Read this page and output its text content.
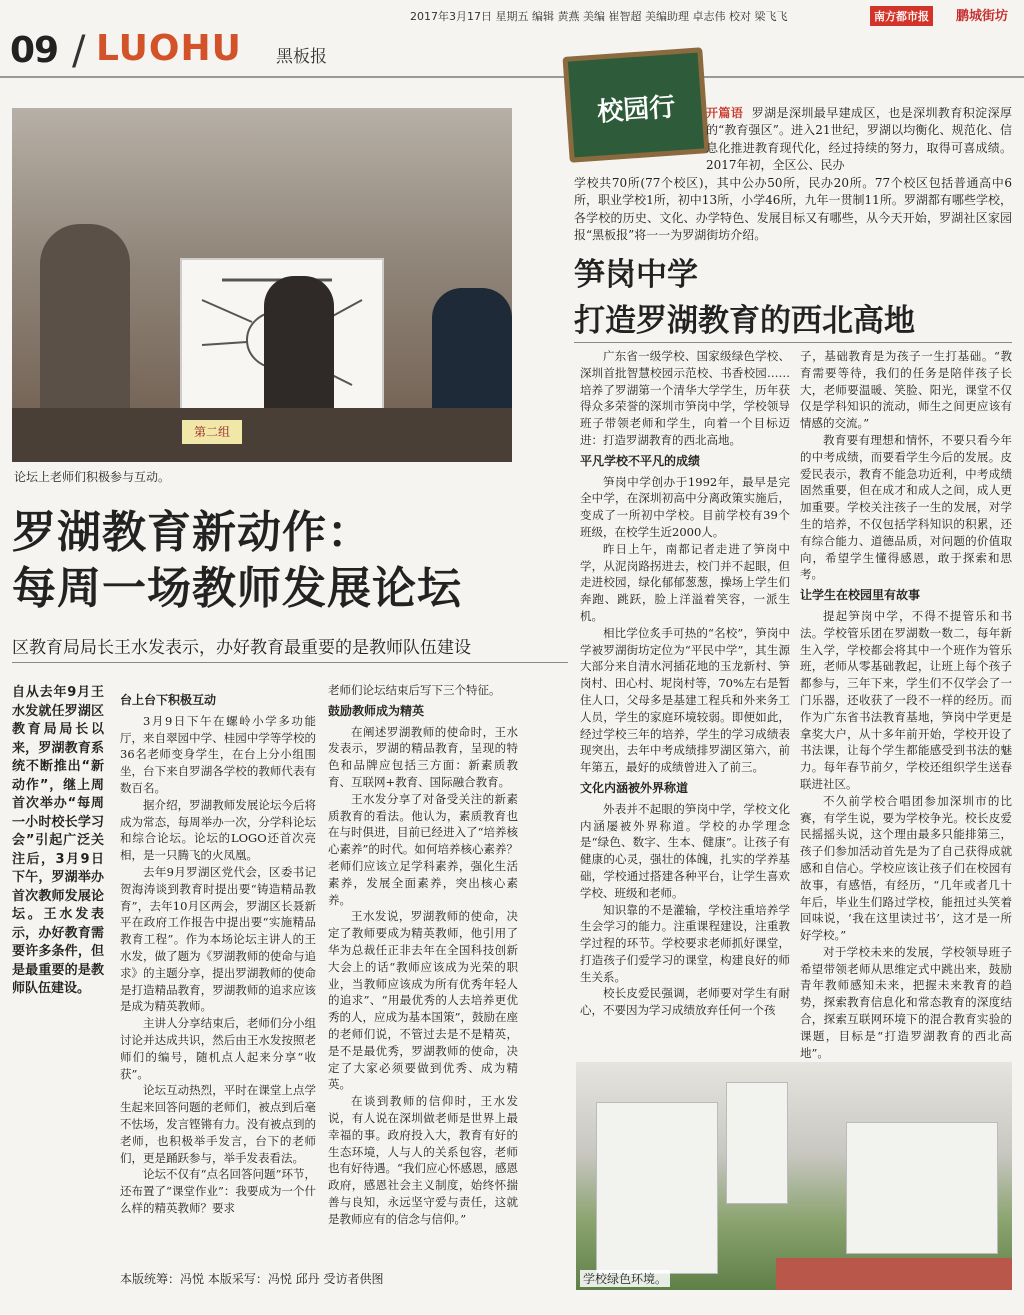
09 / LUOHU 黑板报
2017年3月17日 星期五 编辑 黄燕 美编 崔智超 美编助理 卓志伟 校对 梁飞飞	南方都市报	鹏城街坊
第二组
论坛上老师们积极参与互动。
罗湖教育新动作：
每周一场教师发展论坛
区教育局局长王水发表示，办好教育最重要的是教师队伍建设
自从去年9月王水发就任罗湖区教育局局长以来，罗湖教育系统不断推出“新动作”，继上周首次举办“每周一小时校长学习会”引起广泛关注后，3月9日下午，罗湖举办首次教师发展论坛。王水发表示，办好教育需要许多条件，但是最重要的是教师队伍建设。
台上台下积极互动

3月9日下午在螺岭小学多功能厅，来自翠园中学、桂园中学等学校的36名老师变身学生，在台上分小组围坐，台下来自罗湖各学校的教师代表有数百名。

据介绍，罗湖教师发展论坛今后将成为常态，每周举办一次，分学科论坛和综合论坛。论坛的LOGO还首次亮相，是一只腾飞的火凤凰。

去年9月罗湖区党代会，区委书记贺海涛谈到教育时提出要“铸造精品教育”，去年10月区两会，罗湖区长聂新平在政府工作报告中提出要“实施精品教育工程”。作为本场论坛主讲人的王水发，做了题为《罗湖教师的使命与追求》的主题分享，提出罗湖教师的使命是打造精品教育，罗湖教师的追求应该是成为精英教师。

主讲人分享结束后，老师们分小组讨论并达成共识，然后由王水发按照老师们的编号，随机点人起来分享“收获”。

论坛互动热烈，平时在课堂上点学生起来回答问题的老师们，被点到后毫不怯场，发言铿锵有力。没有被点到的老师，也积极举手发言，台下的老师们，更是踊跃参与，举手发表看法。

论坛不仅有“点名回答问题”环节，还布置了“课堂作业”：我要成为一个什么样的精英教师？要求

老师们论坛结束后写下三个特征。

鼓励教师成为精英

在阐述罗湖教师的使命时，王水发表示，罗湖的精品教育，呈现的特色和品牌应包括三方面：新素质教育、互联网+教育、国际融合教育。

王水发分享了对备受关注的新素质教育的看法。他认为，素质教育也在与时俱进，目前已经进入了“培养核心素养”的时代。如何培养核心素养？老师们应该立足学科素养，强化生活素养，发展全面素养，突出核心素养。

王水发说，罗湖教师的使命，决定了教师要成为精英教师，他引用了华为总裁任正非去年在全国科技创新大会上的话“教师应该成为光荣的职业，当教师应该成为所有优秀年轻人的追求”、“用最优秀的人去培养更优秀的人，应成为基本国策”，鼓励在座的老师们说，不管过去是不是精英，是不是最优秀，罗湖教师的使命，决定了大家必须要做到优秀、成为精英。

在谈到教师的信仰时，王水发说，有人说在深圳做老师是世界上最幸福的事。政府投入大，教育有好的生态环境，人与人的关系包容，老师也有好待遇。“我们应心怀感恩，感恩政府，感恩社会主义制度，始终怀揣善与良知，永远坚守爱与责任，这就是教师应有的信念与信仰。”

本版统筹：冯悦 本版采写：冯悦 邱丹 受访者供图
校园行	开篇语 罗湖是深圳最早建成区，也是深圳教育积淀深厚的“教育强区”。进入21世纪，罗湖以均衡化、规范化、信息化推进教育现代化，经过持续的努力，取得可喜成绩。2017年初，全区公、民办
学校共70所(77个校区)，其中公办50所，民办20所。77个校区包括普通高中6所，职业学校1所，初中13所，小学46所，九年一贯制11所。罗湖都有哪些学校，各学校的历史、文化、办学特色、发展目标又有哪些，从今天开始，罗湖社区家园报“黑板报”将一一为罗湖街坊介绍。
笋岗中学
打造罗湖教育的西北高地

广东省一级学校、国家级绿色学校、深圳首批智慧校园示范校、书香校园……培养了罗湖第一个清华大学学生，历年获得众多荣誉的深圳市笋岗中学，学校领导班子带领老师和学生，向着一个目标迈进：打造罗湖教育的西北高地。

平凡学校不平凡的成绩

笋岗中学创办于1992年，最早是完全中学，在深圳初高中分离政策实施后，变成了一所初中学校。目前学校有39个班级，在校学生近2000人。

昨日上午，南都记者走进了笋岗中学，从泥岗路拐进去，校门并不起眼，但走进校园，绿化郁郁葱葱，操场上学生们奔跑、跳跃，脸上洋溢着笑容，一派生机。

相比学位炙手可热的“名校”，笋岗中学被罗湖街坊定位为“平民中学”，其生源大部分来自清水河插花地的玉龙新村、笋岗村、田心村、坭岗村等，70%左右是暂住人口，父母多是基建工程兵和外来务工人员，学生的家庭环境较弱。即便如此，经过学校三年的培养，学生的学习成绩表现突出，去年中考成绩排罗湖区第六，前年第五，最好的成绩曾进入了前三。

文化内涵被外界称道

外表并不起眼的笋岗中学，学校文化内涵屡被外界称道。学校的办学理念是“绿色、数字、生本、健康”。让孩子有健康的心灵，强壮的体魄，扎实的学养基础，学校通过搭建各种平台，让学生喜欢学校、班级和老师。

知识靠的不是灌输，学校注重培养学生会学习的能力。注重课程建设，注重教学过程的环节。学校要求老师抓好课堂，打造孩子们爱学习的课堂，构建良好的师生关系。

校长皮爱民强调，老师要对学生有耐心，不要因为学习成绩放弃任何一个孩

子，基础教育是为孩子一生打基础。“教育需要等待，我们的任务是陪伴孩子长大，老师要温暖、笑脸、阳光，课堂不仅仅是学科知识的流动，师生之间更应该有情感的交流。”

教育要有理想和情怀，不要只看今年的中考成绩，而要看学生今后的发展。皮爱民表示，教育不能急功近利，中考成绩固然重要，但在成才和成人之间，成人更加重要。学校关注孩子一生的发展，对学生的培养，不仅包括学科知识的积累，还有综合能力、道德品质，对问题的价值取向，希望学生懂得感恩，敢于探索和思考。

让学生在校园里有故事

提起笋岗中学，不得不提管乐和书法。学校管乐团在罗湖数一数二，每年新生入学，学校都会将其中一个班作为管乐班，老师从零基础教起，让班上每个孩子都参与，三年下来，学生们不仅学会了一门乐器，还收获了一段不一样的经历。而作为广东省书法教育基地，笋岗中学更是拿奖大户，从十多年前开始，学校开设了书法课，让每个学生都能感受到书法的魅力。每年春节前夕，学校还组织学生送春联进社区。

不久前学校合唱团参加深圳市的比赛，有学生说，要为学校争光。校长皮爱民摇摇头说，这个理由最多只能排第三，孩子们参加活动首先是为了自己获得成就感和自信心。学校应该让孩子们在校园有故事，有感悟，有经历，“几年或者几十年后，毕业生们路过学校，能扭过头笑着回味说，‘我在这里读过书’，这才是一所好学校。”

对于学校未来的发展，学校领导班子希望带领老师从思维定式中跳出来，鼓励青年教师感知未来，把握未来教育的趋势，探索教育信息化和常态教育的深度结合，探索互联网环境下的混合教育实验的课题，目标是“打造罗湖教育的西北高地”。

学校绿色环境。
